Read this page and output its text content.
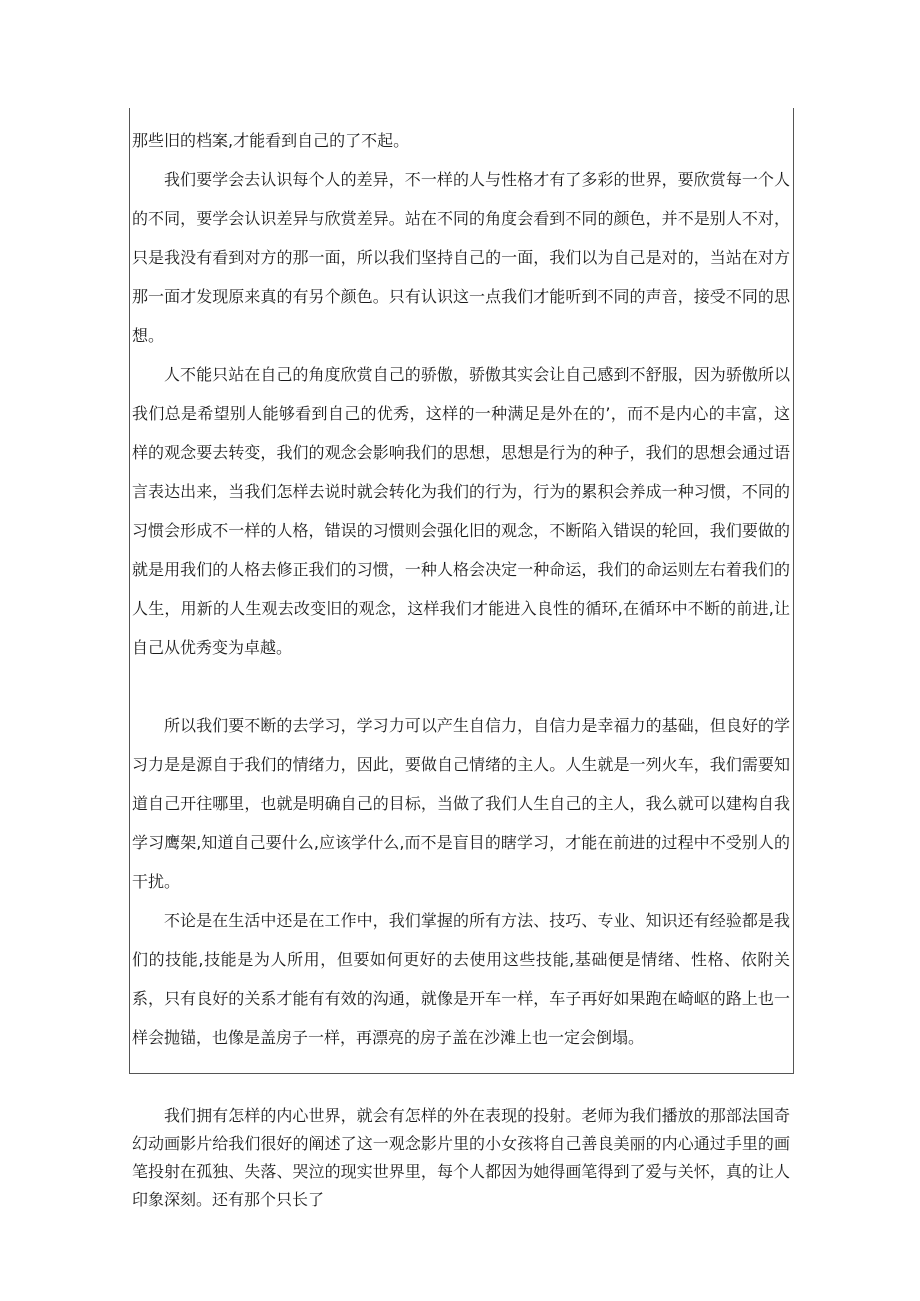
那些旧的档案,才能看到自己的了不起。

我们要学会去认识每个人的差异，不一样的人与性格才有了多彩的世界，要欣赏每一个人的不同，要学会认识差异与欣赏差异。站在不同的角度会看到不同的颜色，并不是别人不对，只是我没有看到对方的那一面，所以我们坚持自己的一面，我们以为自己是对的，当站在对方那一面才发现原来真的有另个颜色。只有认识这一点我们才能听到不同的声音，接受不同的思想。

人不能只站在自己的角度欣赏自己的骄傲，骄傲其实会让自己感到不舒服，因为骄傲所以我们总是希望别人能够看到自己的优秀，这样的一种满足是外在的’，而不是内心的丰富，这样的观念要去转变，我们的观念会影响我们的思想，思想是行为的种子，我们的思想会通过语言表达出来，当我们怎样去说时就会转化为我们的行为，行为的累积会养成一种习惯，不同的习惯会形成不一样的人格，错误的习惯则会强化旧的观念，不断陷入错误的轮回，我们要做的就是用我们的人格去修正我们的习惯，一种人格会决定一种命运，我们的命运则左右着我们的人生，用新的人生观去改变旧的观念，这样我们才能进入良性的循环,在循环中不断的前进,让自己从优秀变为卓越。

所以我们要不断的去学习，学习力可以产生自信力，自信力是幸福力的基础，但良好的学习力是是源自于我们的情绪力，因此，要做自己情绪的主人。人生就是一列火车，我们需要知道自己开往哪里，也就是明确自己的目标，当做了我们人生自己的主人，我么就可以建构自我学习鹰架,知道自己要什么,应该学什么,而不是盲目的瞎学习，才能在前进的过程中不受别人的干扰。

不论是在生活中还是在工作中，我们掌握的所有方法、技巧、专业、知识还有经验都是我们的技能,技能是为人所用，但要如何更好的去使用这些技能,基础便是情绪、性格、依附关系，只有良好的关系才能有有效的沟通，就像是开车一样，车子再好如果跑在崎岖的路上也一样会抛锚，也像是盖房子一样，再漂亮的房子盖在沙滩上也一定会倒塌。

我们拥有怎样的内心世界，就会有怎样的外在表现的投射。老师为我们播放的那部法国奇幻动画影片给我们很好的阐述了这一观念影片里的小女孩将自己善良美丽的内心通过手里的画笔投射在孤独、失落、哭泣的现实世界里，每个人都因为她得画笔得到了爱与关怀，真的让人印象深刻。还有那个只长了
